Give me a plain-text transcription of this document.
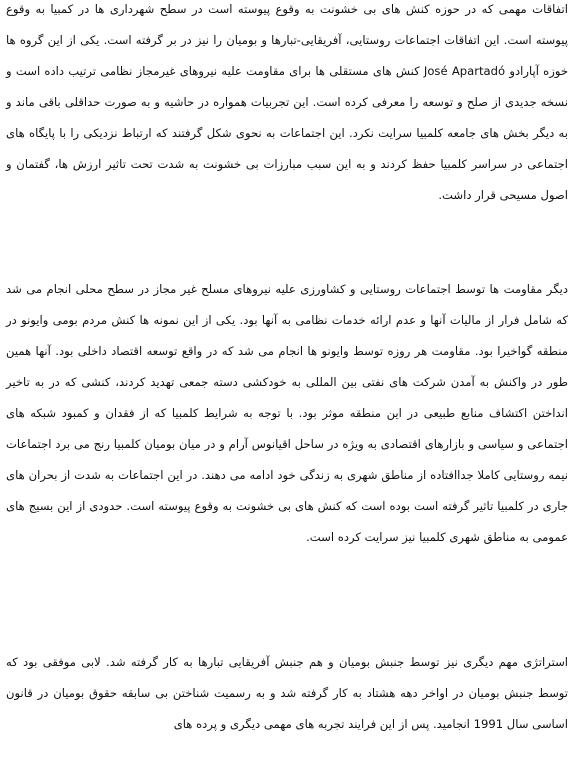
اتفاقات مهمی که در حوزه کنش های بی خشونت به وقوع پیوسته است در سطح شهرداری ها در کمبیا به وقوع پیوسته است. این اتفاقات اجتماعات روستایی، آفریقایی-تبارها و بومیان را نیز در بر گرفته است. یکی از این گروه ها خوزه آپارادو José Apartadó کنش های مستقلی ها برای مقاومت علیه نیروهای غیرمجاز نظامی ترتیب داده است و نسخه جدیدی از صلح و توسعه را معرفی کرده است. این تجربیات همواره در حاشیه و به صورت حداقلی باقی ماند و به دیگر بخش های جامعه کلمبیا سرایت نکرد. این اجتماعات به نحوی شکل گرفتند که ارتباط نزدیکی را با پایگاه های اجتماعی در سراسر کلمبیا حفظ کردند و به این سبب مبارزات بی خشونت به شدت تحت تاثیر ارزش ها، گفتمان و اصول مسیحی قرار داشت.

دیگر مقاومت ها توسط اجتماعات روستایی و کشاورزی علیه نیروهای مسلح غیر مجاز در سطح محلی انجام می شد که شامل فرار از مالیات آنها و عدم ارائه خدمات نظامی به آنها بود. یکی از این نمونه ها کنش مردم بومی وایونو در منطقه گواخیرا بود. مقاومت هر روزه توسط وایونو ها انجام می شد که در واقع توسعه اقتصاد داخلی بود. آنها همین طور در واکنش به آمدن شرکت های نفتی بین المللی به خودکشی دسته جمعی تهدید کردند، کنشی که در به تاخیر انداختن اکتشاف منابع طبیعی در این منطقه موثر بود. با توجه به شرایط کلمبیا که از فقدان و کمبود شبکه های اجتماعی و سیاسی و بازارهای اقتصادی به ویژه در ساحل اقیانوس آرام و در میان بومیان کلمبیا رنج می برد اجتماعات نیمه روستایی کاملا جداافتاده از مناطق شهری به زندگی خود ادامه می دهند. در این اجتماعات به شدت از بحران های جاری در کلمبیا تاثیر گرفته است بوده است که کنش های بی خشونت به وقوع پیوسته است. حدودی از این بسیج های عمومی به مناطق شهری کلمبیا نیز سرایت کرده است.

استراتژی مهم دیگری نیز توسط جنبش بومیان و هم جنبش آفریقایی تبارها به کار گرفته شد. لابی موفقی بود که توسط جنبش بومیان در اواخر دهه هشتاد به کار گرفته شد و به رسمیت شناختن بی سابقه حقوق بومیان در قانون اساسی سال 1991 انجامید. پس از این فرایند تجربه های مهمی دیگری و پرده های
